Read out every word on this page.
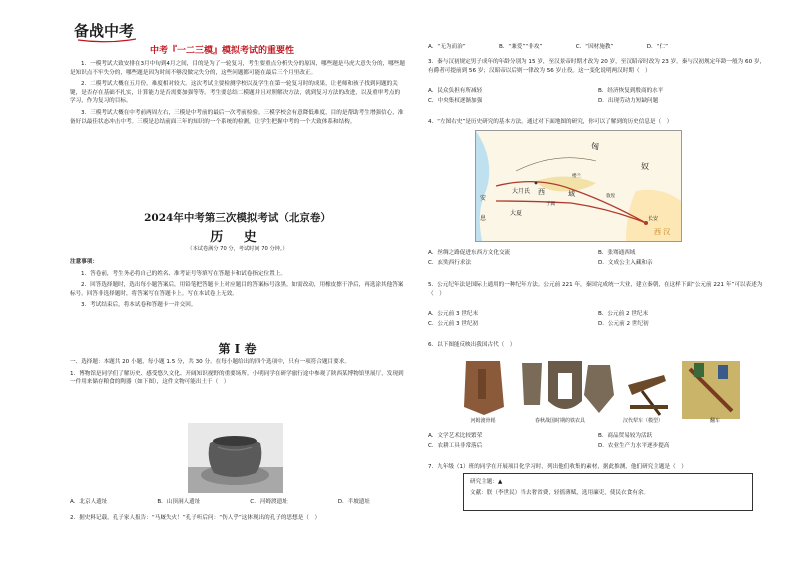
备战中考
中考『一二三模』模拟考试的重要性

1．一模考试大致安排在3月中旬到4月之间，目的是为了一轮复习，考生要重点分析失分的原因，哪些题是马虎大意失分的，哪些题是知识点不牢失分的，哪些题是因为时间不够没做完失分的，这些问题都可能在最后三个月里改正。

2．二模考试大概在五月份，难度相对较大。这次考试主要检测学校以及学生在第一轮复习时的成果，让老师和孩子找到问题的关键，是否存在基础不扎实，计算能力是否需要加强等等。考生要总结二模题并且对照解决方法，就到复习方法的改进，以及重审考点的学习，作为复习的目标。

3．三模考试大概在中考前两周左右，三模是中考前的最后一次考前检验。三模学校会有意降低难度，目的是帮助考生增强信心，准备好以最佳状态冲击中考。三模是总结前面三年的知识的一个系统的检测，让学生把握中考的一个大致体系和结构。

2024年中考第三次模拟考试（北京卷）
历 史
（本试卷满分 70 分，考试时间 70 分钟。）
注意事项：

1．答卷前，考生务必将自己的姓名、准考证号等填写在答题卡和试卷指定位置上。

2．回答选择题时，选出每小题答案后，用铅笔把答题卡上对应题目的答案标号涂黑。如需改动，用橡皮擦干净后，再选涂其他答案标号。回答非选择题时，将答案写在答题卡上。写在本试卷上无效。

3．考试结束后，将本试卷和答题卡一并交回。

第 I 卷
一、选择题：本题共 20 小题，每小题 1.5 分，共 30 分。在每小题给出的四个选项中，只有一项符合题目要求。
1．博物馆是同学们了解历史、感受悠久文化、开阔知识视野的重要场所。小明同学在研学旅行途中参观了陕西某博物馆里展厅，发现到一件用来储存粮食的陶器（如下图），这件文物可能出土于（　）
A．北京人遗址	B．山顶洞人遗址	C．河姆渡遗址	D．半坡遗址
2．据史料记载，孔子家人报告：“马厩失火！”孔子听后问：“伤人乎”这体现出的孔子的思想是（　）
A．“无为而治”	B．“兼爱”“非攻”	C．“因材施教”	D．“仁”
3．秦与汉初规定男子成年的年龄分别为 15 岁，至汉景帝时期才改为 20 岁，至汉昭帝时改为 23 岁。秦与汉初规定年龄一般为 60 岁，有爵者可提前到 56 岁；汉昭帝以后则一律改为 56 岁止役。这一变化说明两汉时期（　）
A．民众负担有所减轻	B．经济恢复到殷商的水平
C．中央集权逐渐加强	D．出现劳动力短缺问题
4．“左图右史”是历史研究的基本方法。通过对下面地图的研究，你可以了解到的历史信息是（　）
匈
奴
大月氏 西	域
安
息
大夏
长安
西 汉
楼兰
敦煌
于阗
A．丝绸之路促进东西方文化交流	B．张骞通西域
C．玄奘西行求法	D．文成公主入藏和亲
5．公元纪年法是国际上通用的一种纪年方法。公元前 221 年，秦国完成统一大业，建立秦朝，在这样下面“公元前 221 年”可以表述为（　）
A．公元前 3 世纪末	B．公元前 2 世纪末
C．公元前 3 世纪初	D．公元前 2 世纪初
6．以下图能反映出我国古代（　）
河姆渡骨耜	春秋战国时期的铁农具	汉代犁车（模型）	翻车
A．文学艺术比较繁荣	B．商品贸易较为活跃
C．农耕工具非常落后	D．农业生产力水平逐步提高
7．九年级（1）班的同学在开展项目化学习时，列出他们收集的素材，据此推测，他们研究主题是（　）
研究主题：▲
文献：朕（李世民）当去奢省费，轻徭薄赋，选用廉吏，使民衣食有余。
